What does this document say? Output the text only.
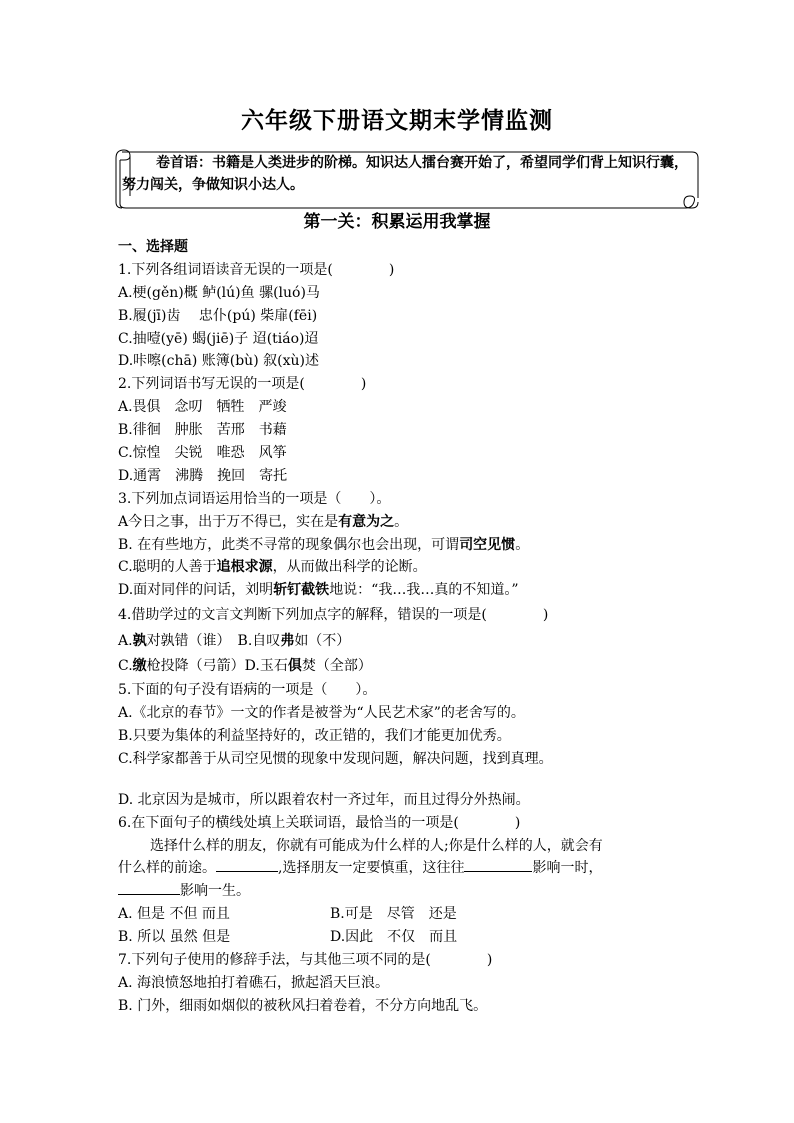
六年级下册语文期末学情监测
卷首语：书籍是人类进步的阶梯。知识达人擂台赛开始了，希望同学们背上知识行囊，努力闯关，争做知识小达人。
第一关：积累运用我掌握
一、选择题
1.下列各组词语读音无误的一项是(　　　　)
A.梗(gěn)概 鲈(lú)鱼 骡(luó)马
B.履(jī)齿　 忠仆(pú) 柴扉(fēi)
C.抽噎(yē) 蝎(jiē)子 迢(tiáo)迢
D.咔嚓(chā) 账簿(bù) 叙(xù)述
2.下列词语书写无误的一项是(　　　　)
A.畏俱　念叨　牺牲　严竣
B.徘徊　肿胀　苦邢　书藉
C.惊惶　尖锐　唯恐　风筝
D.通霄　沸腾　挽回　寄托
3.下列加点词语运用恰当的一项是（　　）。
A今日之事，出于万不得已，实在是有意为之。
B. 在有些地方，此类不寻常的现象偶尔也会出现，可谓司空见惯。
C.聪明的人善于追根求源，从而做出科学的论断。
D.面对同伴的问话，刘明斩钉截铁地说：“我…我…真的不知道。”
4.借助学过的文言文判断下列加点字的解释，错误的一项是(　　　　)
A.孰对孰错（谁）　B.自叹弗如（不）
C.缴枪投降（弓箭）D.玉石俱焚（全部）
5.下面的句子没有语病的一项是（　　）。
A.《北京的春节》一文的作者是被誉为“人民艺术家”的老舍写的。
B.只要为集体的利益坚持好的，改正错的，我们才能更加优秀。
C.科学家都善于从司空见惯的现象中发现问题，解决问题，找到真理。
D. 北京因为是城市，所以跟着农村一齐过年，而且过得分外热闹。
6.在下面句子的横线处填上关联词语，最恰当的一项是(　　　　)
选择什么样的朋友，你就有可能成为什么样的人;你是什么样的人，就会有
什么样的前途。	,选择朋友一定要慎重，这往往	影响一时，
影响一生。
A. 但是 不但 而且	B.可是　尽管　还是
B. 所以 虽然 但是	D.因此　不仅　而且
7.下列句子使用的修辞手法，与其他三项不同的是(　　　　)
A. 海浪愤怒地拍打着礁石，掀起滔天巨浪。
B. 门外，细雨如烟似的被秋风扫着卷着，不分方向地乱飞。
